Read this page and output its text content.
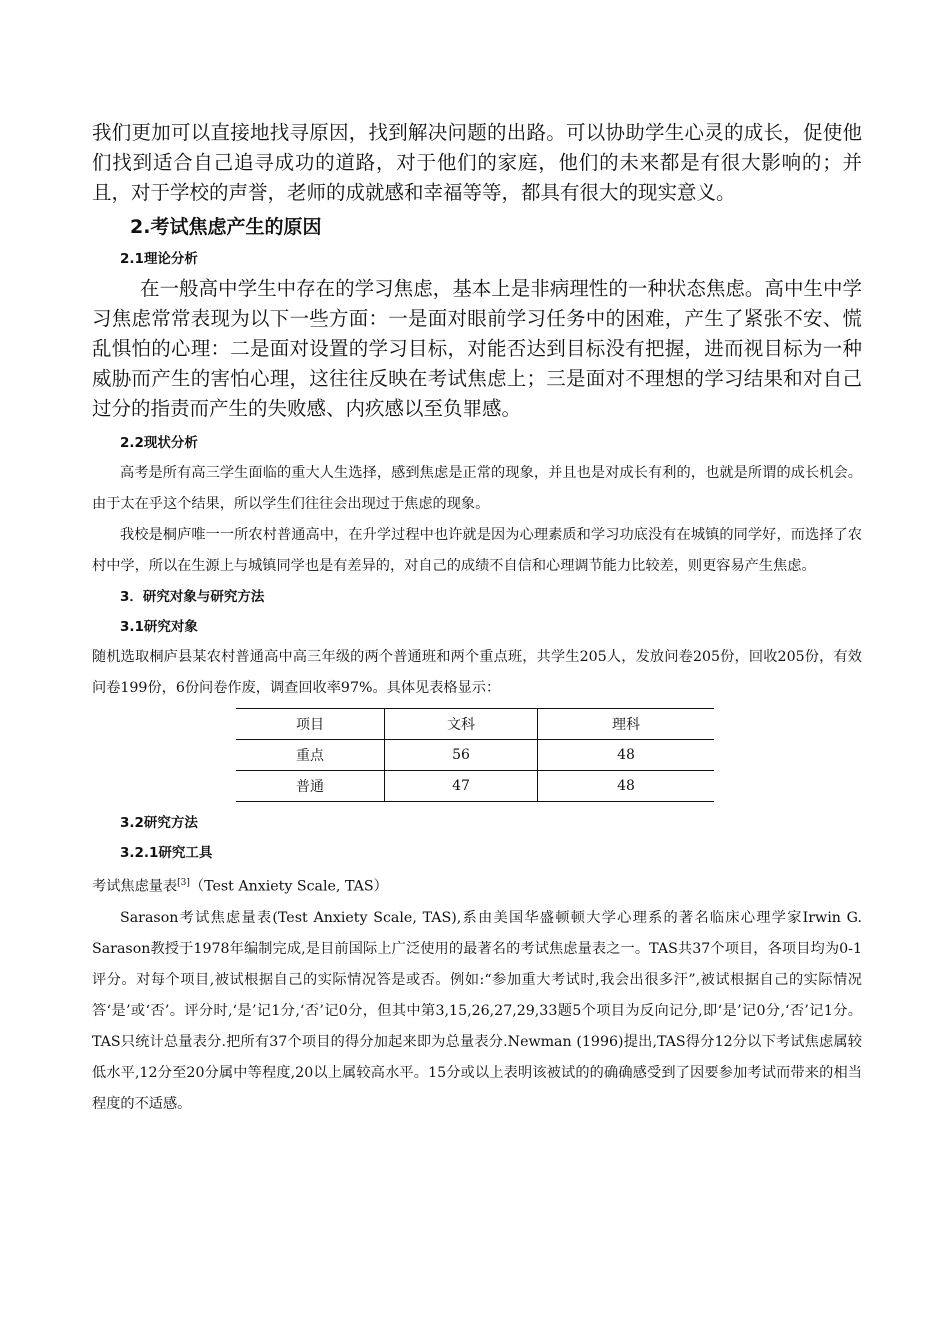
我们更加可以直接地找寻原因，找到解决问题的出路。可以协助学生心灵的成长，促使他们找到适合自己追寻成功的道路，对于他们的家庭，他们的未来都是有很大影响的；并且，对于学校的声誉，老师的成就感和幸福等等，都具有很大的现实意义。

2.考试焦虑产生的原因
2.1理论分析

在一般高中学生中存在的学习焦虑，基本上是非病理性的一种状态焦虑。高中生中学习焦虑常常表现为以下一些方面：一是面对眼前学习任务中的困难，产生了紧张不安、慌乱惧怕的心理：二是面对设置的学习目标，对能否达到目标没有把握，进而视目标为一种威胁而产生的害怕心理，这往往反映在考试焦虑上；三是面对不理想的学习结果和对自己过分的指责而产生的失败感、内疚感以至负罪感。

2.2现状分析

高考是所有高三学生面临的重大人生选择，感到焦虑是正常的现象，并且也是对成长有利的，也就是所谓的成长机会。由于太在乎这个结果，所以学生们往往会出现过于焦虑的现象。

我校是桐庐唯一一所农村普通高中，在升学过程中也许就是因为心理素质和学习功底没有在城镇的同学好，而选择了农村中学，所以在生源上与城镇同学也是有差异的，对自己的成绩不自信和心理调节能力比较差，则更容易产生焦虑。

3．研究对象与研究方法
3.1研究对象

随机选取桐庐县某农村普通高中高三年级的两个普通班和两个重点班，共学生205人，发放问卷205份，回收205份，有效问卷199份，6份问卷作废，调查回收率97%。具体见表格显示：

项目	文科	理科
重点	56	48
普通	47	48
3.2研究方法
3.2.1研究工具

考试焦虑量表[3]（Test Anxiety Scale, TAS）

Sarason考试焦虑量表(Test Anxiety Scale, TAS),系由美国华盛顿顿大学心理系的著名临床心理学家Irwin G. Sarason教授于1978年编制完成,是目前国际上广泛使用的最著名的考试焦虑量表之一。TAS共37个项目，各项目均为0-1评分。对每个项目,被试根据自己的实际情况答是或否。例如:“参加重大考试时,我会出很多汗”,被试根据自己的实际情况答‘是’或‘否’。评分时,‘是’记1分,‘否’记0分，但其中第3,15,26,27,29,33题5个项目为反向记分,即‘是’记0分,‘否’记1分。TAS只统计总量表分.把所有37个项目的得分加起来即为总量表分.Newman (1996)提出,TAS得分12分以下考试焦虑属较低水平,12分至20分属中等程度,20以上属较高水平。15分或以上表明该被试的的确确感受到了因要参加考试而带来的相当程度的不适感。
